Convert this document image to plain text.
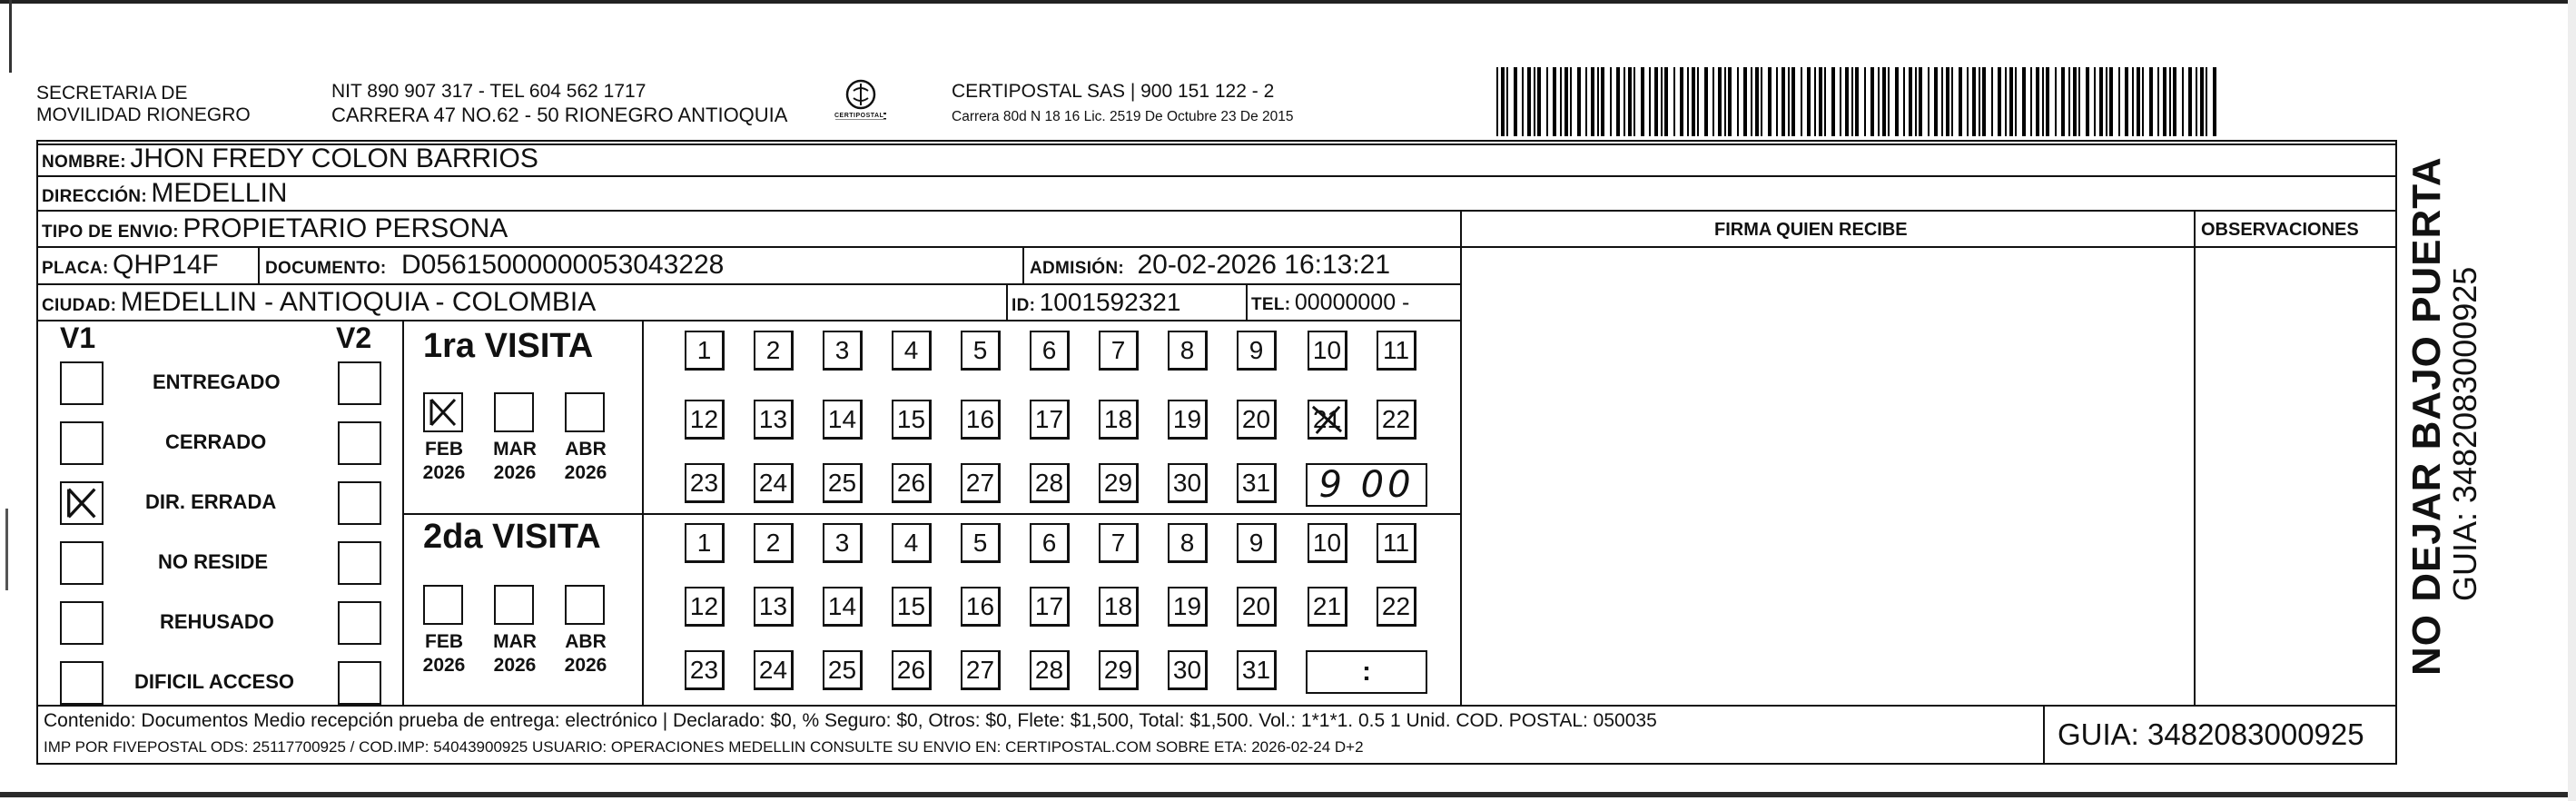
SECRETARIA DE
MOVILIDAD RIONEGRO
NIT 890 907 317 - TEL 604 562 1717
CARRERA 47 NO.62 - 50 RIONEGRO ANTIOQUIA	CERTIPOSTAL
CERTIPOSTAL SAS | 900 151 122 - 2
Carrera 80d N 18 16 Lic. 2519 De Octubre 23 De 2015
NOMBRE: JHON FREDY COLON BARRIOS
DIRECCIÓN: MEDELLIN
TIPO DE ENVIO: PROPIETARIO PERSONA
PLACA: QHP14F	DOCUMENTO: D05615000000053043228	ADMISIÓN: 20-02-2026 16:13:21
CIUDAD: MEDELLIN - ANTIOQUIA - COLOMBIA	ID: 1001592321	TEL: 00000000 -
FIRMA QUIEN RECIBE	OBSERVACIONES
V1	V2
ENTREGADO
CERRADO
DIR. ERRADA
NO RESIDE
REHUSADO
DIFICIL ACCESO
1ra VISITA
2da VISITA
FEB
2026
MAR
2026
ABR
2026
FEB
2026
MAR
2026
ABR
2026
1	2	3	4	5	6	7	8	9	10 11
12 13 14 15 16 17 18 19 20 21 22
23 24 25 26 27 28 29 30 31 9 00
1	2	3	4	5	6	7	8	9	10 11
12 13 14 15 16 17 18 19 20 21 22
23 24 25 26 27 28 29 30 31	:
Contenido: Documentos Medio recepción prueba de entrega: electrónico | Declarado: $0, % Seguro: $0, Otros: $0, Flete: $1,500, Total: $1,500. Vol.: 1*1*1. 0.5 1 Unid. COD. POSTAL: 050035
IMP POR FIVEPOSTAL ODS: 25117700925 / COD.IMP: 54043900925 USUARIO: OPERACIONES MEDELLIN CONSULTE SU ENVIO EN: CERTIPOSTAL.COM SOBRE ETA: 2026-02-24 D+2	GUIA: 3482083000925
NO DEJAR BAJO PUERTA
GUIA: 3482083000925
